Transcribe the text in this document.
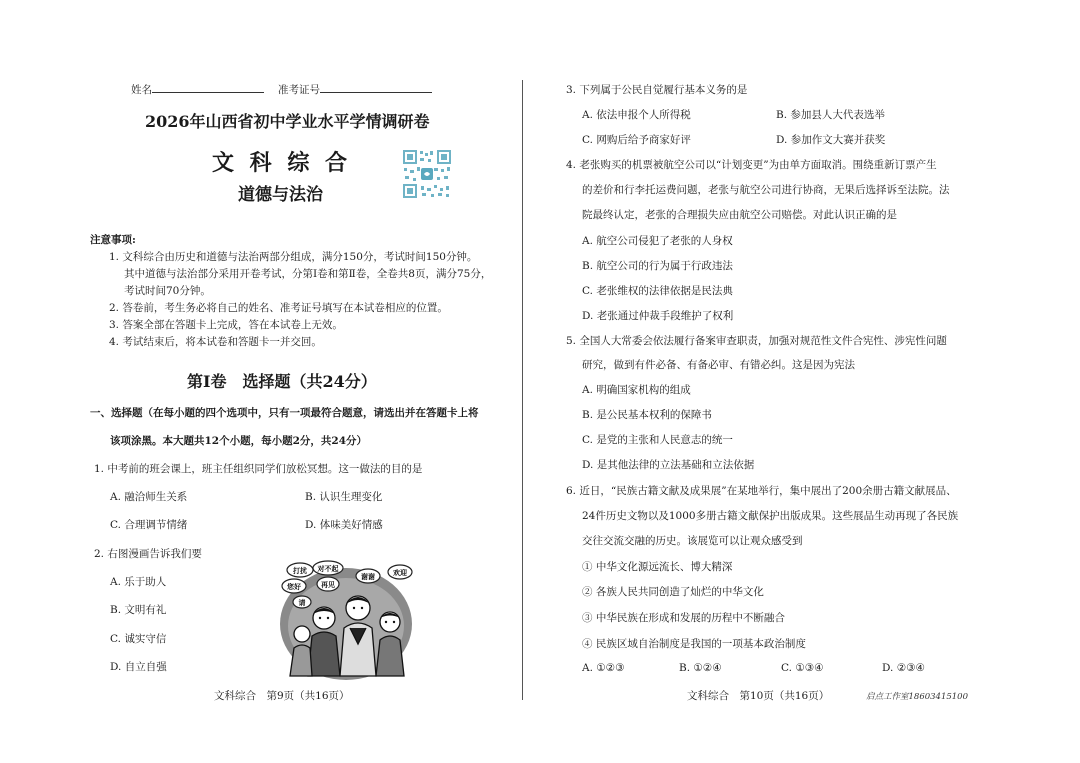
姓名	准考证号
2026年山西省初中学业水平学情调研卷
文 科 综 合
道德与法治
注意事项:
1. 文科综合由历史和道德与法治两部分组成，满分150分，考试时间150分钟。
其中道德与法治部分采用开卷考试，分第Ⅰ卷和第Ⅱ卷，全卷共8页，满分75分，
考试时间70分钟。
2. 答卷前，考生务必将自己的姓名、准考证号填写在本试卷相应的位置。
3. 答案全部在答题卡上完成，答在本试卷上无效。
4. 考试结束后，将本试卷和答题卡一并交回。
第Ⅰ卷　选择题（共24分）
一、选择题（在每小题的四个选项中，只有一项最符合题意，请选出并在答题卡上将
该项涂黑。本大题共12个小题，每小题2分，共24分）
1. 中考前的班会课上，班主任组织同学们放松冥想。这一做法的目的是
A. 融洽师生关系	B. 认识生理变化
C. 合理调节情绪	D. 体味美好情感
2. 右图漫画告诉我们要
A. 乐于助人
B. 文明有礼
C. 诚实守信
D. 自立自强
打扰 对不起
您好	再见
谢谢	欢迎
请
文科综合　第9页（共16页）
3. 下列属于公民自觉履行基本义务的是
A. 依法申报个人所得税	B. 参加县人大代表选举
C. 网购后给予商家好评	D. 参加作文大赛并获奖
4. 老张购买的机票被航空公司以“计划变更”为由单方面取消。围绕重新订票产生
的差价和行李托运费问题，老张与航空公司进行协商，无果后选择诉至法院。法
院最终认定，老张的合理损失应由航空公司赔偿。对此认识正确的是
A. 航空公司侵犯了老张的人身权
B. 航空公司的行为属于行政违法
C. 老张维权的法律依据是民法典
D. 老张通过仲裁手段维护了权利
5. 全国人大常委会依法履行备案审查职责，加强对规范性文件合宪性、涉宪性问题
研究，做到有件必备、有备必审、有错必纠。这是因为宪法
A. 明确国家机构的组成
B. 是公民基本权利的保障书
C. 是党的主张和人民意志的统一
D. 是其他法律的立法基础和立法依据
6. 近日，“民族古籍文献及成果展”在某地举行，集中展出了200余册古籍文献展品、
24件历史文物以及1000多册古籍文献保护出版成果。这些展品生动再现了各民族
交往交流交融的历史。该展览可以让观众感受到
① 中华文化源远流长、博大精深
② 各族人民共同创造了灿烂的中华文化
③ 中华民族在形成和发展的历程中不断融合
④ 民族区域自治制度是我国的一项基本政治制度
A. ①②③	B. ①②④	C. ①③④	D. ②③④
文科综合　第10页（共16页）	启点工作室18603415100
